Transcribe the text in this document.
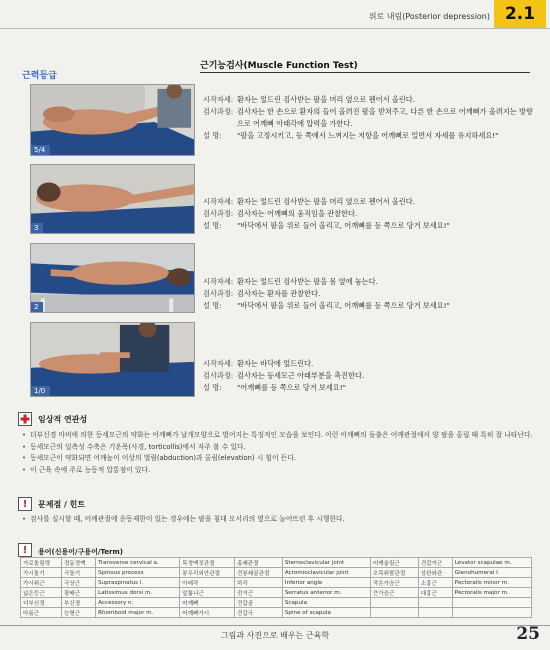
위로 내림(Posterior depression) 2.1
근력등급
근기능검사(Muscle Function Test)
5/4
3
2
1/0
시작자세: 환자는 엎드린 검사받는 팔을 머리 옆으로 펜어서 올린다.
검사과정: 검사자는 한 손으로 환자의 들어 올려진 팔을 받쳐주고, 다른 한 손으로 어깨뼈가 올려지는 방향으로 어깨뼈 아래각에 압력을 가한다.
설 명:	"팔을 고정시키고, 등 쪽에서 느껴지는 저항을 어깨뼈로 밀면서 자세를 유지하세요!"
시작자세: 환자는 엎드린 검사받는 팔을 머리 옆으로 펜어서 올린다.
검사과정: 검사자는 어깨뼈의 움직임을 관찰한다.
설 명:	"바닥에서 팔을 위로 들어 올리고, 어깨뼈를 등 쪽으로 당겨 보세요!"
시작자세: 환자는 엎드린 검사받는 팔을 몸 옆에 놓는다.
검사과정: 검사자는 환자를 관찰한다.
설 명:	"바닥에서 팔을 위로 들어 올리고, 어깨뼈를 등 쪽으로 당겨 보세요!"
시작자세: 환자는 바닥에 엎드린다.
검사과정: 검사자는 등세모근 아래부분을 촉진한다.
설 명:	"어깨뼈를 등 쪽으로 당겨 보세요!"
임상적 연관성
• 더부신경 마비에 의한 등세모근의 약화는 어깨뼈가 날개모양으로 벌어지는 특징적인 모습을 보인다. 이런 어깨뼈의 돌출은 어깨관절에서 양 팔을 올릴 때 특히 잘 나타난다.
• 등세모근의 일측성 수축은 기운목(사경, torticollis)에서 자주 볼 수 있다.
• 등세모근이 약화되면 어깨높이 이상의 벌림(abduction)과 올림(elevation) 시 힘이 든다.
• 이 근육 속에 주로 능동적 압통점이 있다.
!	문제점 / 힌트
• 검사를 실시할 때, 어깨관절에 운동제한이 있는 경우에는 팔을 침대 모서리의 옆으로 늘어뜨린 후 시행한다.
!	용어(신용어/구용어/Term)
가로돌림력	경동정맥	Transverse cervical a.	목정맥짓관절	홍쇄관절	Sternoclavicular joint	어깨올림근	견갑거근	Levator scapulae m.
가시돌기	극돌기	Spinous process	봉우리외안관절	견봉쇄골관절	Acromioclavicular joint	오목위팔관절	상완와관	Glenohumeral l.
가시위근	극상근	Supraspinatus l.	아래각	하각	Inferior angle	작은가슴근	소흉근	Pectoralis minor m.
넓은등근	광배근	Latissimus dorsi m.	앞톱니근	전거근	Serratus anterior m.	큰가슴근	대흉근	Pectoralis major m.
더부신경	부신경	Accessory n.	어깨뼈	견갑골	Scapula			
마름근	능형근	Rhomboid major m.	어깨뼈가시	견갑극	Spine of scapula			
그림과 사진으로 배우는 근육학	25
